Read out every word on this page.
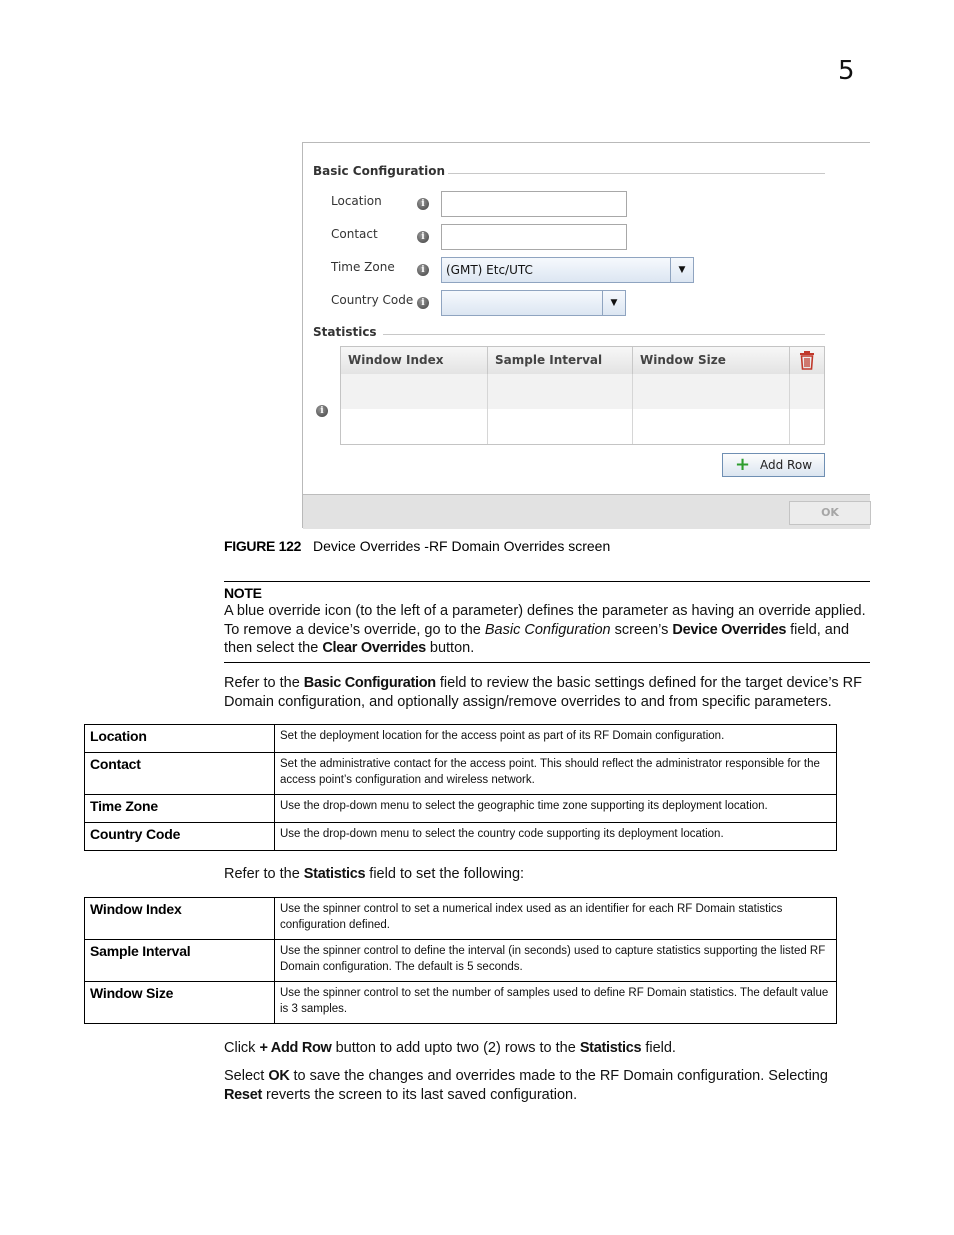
5
Basic Configuration
Location	i
Contact	i
Time Zone	i	(GMT) Etc/UTC	▼
Country Code i	▼
Statistics
i
Window Index	Sample Interval	Window Size
+ Add Row
OK
FIGURE 122 Device Overrides -RF Domain Overrides screen
NOTE
A blue override icon (to the left of a parameter) defines the parameter as having an override applied.
To remove a device’s override, go to the Basic Configuration screen’s Device Overrides field, and
then select the Clear Overrides button.
Refer to the Basic Configuration field to review the basic settings defined for the target device’s RF Domain configuration, and optionally assign/remove overrides to and from specific parameters.
Location	Set the deployment location for the access point as part of its RF Domain configuration.
Contact	Set the administrative contact for the access point. This should reflect the administrator responsible for the access point’s configuration and wireless network.
Time Zone	Use the drop-down menu to select the geographic time zone supporting its deployment location.
Country Code	Use the drop-down menu to select the country code supporting its deployment location.
Refer to the Statistics field to set the following:
Window Index	Use the spinner control to set a numerical index used as an identifier for each RF Domain statistics configuration defined.
Sample Interval	Use the spinner control to define the interval (in seconds) used to capture statistics supporting the listed RF Domain configuration. The default is 5 seconds.
Window Size	Use the spinner control to set the number of samples used to define RF Domain statistics. The default value is 3 samples.
Click + Add Row button to add upto two (2) rows to the Statistics field.
Select OK to save the changes and overrides made to the RF Domain configuration. Selecting Reset reverts the screen to its last saved configuration.
